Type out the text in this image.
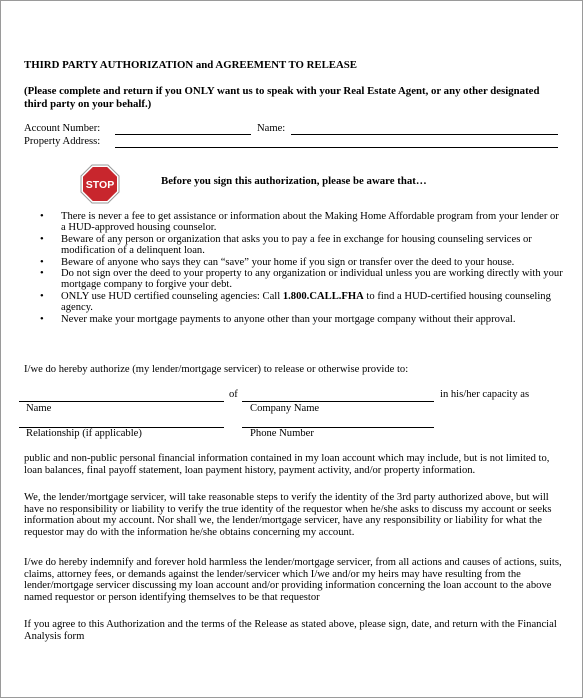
THIRD PARTY AUTHORIZATION and AGREEMENT TO RELEASE
(Please complete and return if you ONLY want us to speak with your Real Estate Agent, or any other designated third party on your behalf.)
Account Number:	Name:
Property Address:
STOP	Before you sign this authorization, please be aware that…
• There is never a fee to get assistance or information about the Making Home Affordable program from your lender or a HUD-approved housing counselor.
• Beware of any person or organization that asks you to pay a fee in exchange for housing counseling services or modification of a delinquent loan.
• Beware of anyone who says they can “save” your home if you sign or transfer over the deed to your house.
• Do not sign over the deed to your property to any organization or individual unless you are working directly with your mortgage company to forgive your debt.
• ONLY use HUD certified counseling agencies: Call 1.800.CALL.FHA to find a HUD-certified housing counseling agency.
• Never make your mortgage payments to anyone other than your mortgage company without their approval.
I/we do hereby authorize (my lender/mortgage servicer) to release or otherwise provide to:
of	in his/her capacity as
Name	Company Name
Relationship (if applicable)	Phone Number
public and non-public personal financial information contained in my loan account which may include, but is not limited to, loan balances, final payoff statement, loan payment history, payment activity, and/or property information.
We, the lender/mortgage servicer, will take reasonable steps to verify the identity of the 3rd party authorized above, but will have no responsibility or liability to verify the true identity of the requestor when he/she asks to discuss my account or seeks information about my account. Nor shall we, the lender/mortgage servicer, have any responsibility or liability for what the requestor may do with the information he/she obtains concerning my account.
I/we do hereby indemnify and forever hold harmless the lender/mortgage servicer, from all actions and causes of actions, suits, claims, attorney fees, or demands against the lender/servicer which I/we and/or my heirs may have resulting from the lender/mortgage servicer discussing my loan account and/or providing information concerning the loan account to the above named requestor or person identifying themselves to be that requestor
If you agree to this Authorization and the terms of the Release as stated above, please sign, date, and return with the Financial Analysis form
